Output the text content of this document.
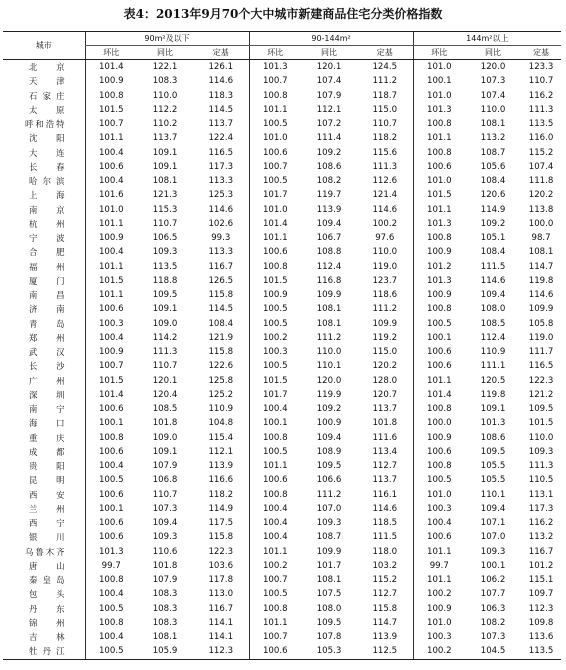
表4：2013年9月70个大中城市新建商品住宅分类价格指数
城市	90m²及以下			90-144m²			144m²以上		
	环比	同比	定基	环比	同比	定基	环比	同比	定基

北 京	101.4	122.1	126.1	101.3	120.1	124.5	101.0	120.0	123.3

天 津	100.9	108.3	114.6	100.7	107.4	111.2	100.1	107.3	110.7

石 家 庄	100.8	110.0	118.3	100.8	107.9	118.7	101.0	107.4	116.2

太 原	101.5	112.2	114.5	101.1	112.1	115.0	101.3	110.0	111.3

呼 和 浩 特	100.7	110.2	113.7	100.5	107.2	110.7	100.8	108.1	113.5

沈 阳	101.1	113.7	122.4	101.0	111.4	118.2	101.1	113.2	116.0

大 连	100.4	109.1	116.5	100.6	109.2	115.6	100.8	108.7	115.2

长 春	100.6	109.1	117.3	100.7	108.6	111.3	100.6	105.6	107.4

哈 尔 滨	100.4	108.1	113.3	100.5	108.2	112.6	101.0	108.4	111.8

上 海	101.6	121.3	125.3	101.7	119.7	121.4	101.5	120.6	120.2

南 京	101.0	115.3	114.6	101.0	113.9	114.6	101.1	114.9	113.8

杭 州	101.1	110.7	102.6	101.4	109.4	100.2	101.3	109.2	100.0

宁 波	100.9	106.5	99.3	101.1	106.7	97.6	100.8	105.1	98.7

合 肥	100.4	109.3	113.3	100.6	108.8	110.0	100.9	108.4	108.1

福 州	101.1	113.5	116.7	100.8	112.4	119.0	101.2	111.5	114.7

厦 门	101.5	118.8	126.5	101.5	116.8	123.7	101.3	114.6	119.8

南 昌	101.1	109.5	115.8	100.9	109.9	118.6	100.9	109.4	114.6

济 南	100.6	109.1	114.5	100.5	108.1	111.2	100.8	108.0	109.9

青 岛	100.3	109.0	108.4	100.5	108.1	109.9	100.5	108.5	105.8

郑 州	100.4	114.2	121.9	100.2	111.2	119.2	100.1	112.4	119.0

武 汉	100.9	111.3	115.8	100.3	110.0	115.0	100.6	110.9	111.7

长 沙	100.7	110.7	122.6	100.5	110.1	120.2	100.6	111.1	116.5

广 州	101.5	120.1	125.8	101.5	120.0	128.0	101.1	120.5	122.3

深 圳	101.4	120.4	125.2	101.7	119.9	120.7	101.4	119.8	121.2

南 宁	100.6	108.5	110.9	100.4	109.2	113.7	100.8	109.1	109.5

海 口	100.1	101.8	104.8	100.1	100.9	101.8	100.0	101.3	101.5

重 庆	100.8	109.0	115.4	100.8	109.4	111.6	100.9	108.6	110.0

成 都	100.6	109.1	112.1	100.5	108.9	113.4	100.6	109.5	109.3

贵 阳	100.4	107.9	113.9	101.1	109.5	112.7	100.8	105.5	111.3

昆 明	100.5	106.8	116.6	100.6	106.6	113.7	100.5	105.5	110.5

西 安	100.6	110.7	118.2	100.8	111.2	116.1	101.0	110.1	113.1

兰 州	100.1	107.3	114.9	100.4	107.0	114.6	100.3	109.4	117.3

西 宁	100.6	109.4	117.5	100.4	109.3	118.5	100.4	107.1	116.2

银 川	100.6	109.3	115.8	100.4	108.7	111.5	100.6	107.0	113.2

乌 鲁 木 齐	101.3	110.6	122.3	101.1	109.9	118.0	101.1	109.3	116.7

唐 山	99.7	101.8	103.6	100.2	101.7	103.2	99.7	100.1	101.2

秦 皇 岛	100.8	107.9	117.8	100.7	108.1	115.2	101.1	106.2	115.1

包 头	100.4	108.3	113.0	100.5	107.5	112.7	100.2	107.7	109.7

丹 东	100.5	108.3	116.7	100.8	108.0	115.8	100.9	106.3	112.3

锦 州	100.8	108.3	114.1	101.1	109.5	114.7	101.0	108.2	109.8

吉 林	100.4	108.1	114.1	100.7	107.8	113.9	100.3	107.3	113.6

牡 丹 江	100.5	105.9	112.3	100.6	105.3	112.5	100.2	104.5	113.5
